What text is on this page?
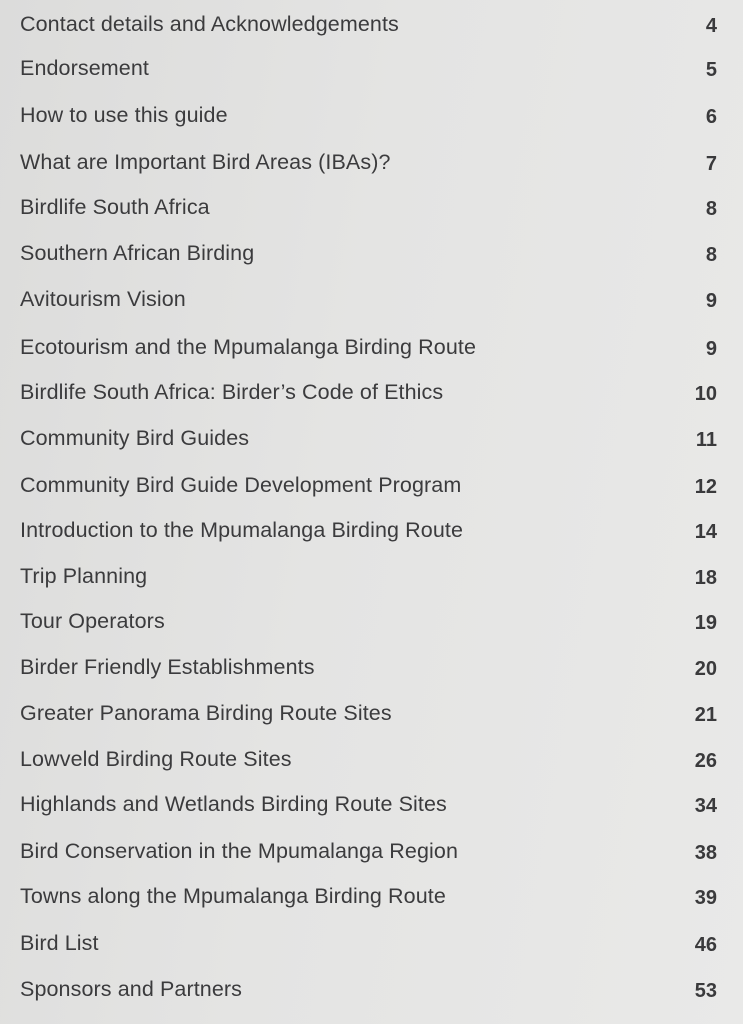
Contact details and Acknowledgements	4
Endorsement	5
How to use this guide	6
What are Important Bird Areas (IBAs)?	7
Birdlife South Africa	8
Southern African Birding	8
Avitourism Vision	9
Ecotourism and the Mpumalanga Birding Route	9
Birdlife South Africa: Birder’s Code of Ethics	10
Community Bird Guides	11
Community Bird Guide Development Program	12
Introduction to the Mpumalanga Birding Route	14
Trip Planning	18
Tour Operators	19
Birder Friendly Establishments	20
Greater Panorama Birding Route Sites	21
Lowveld Birding Route Sites	26
Highlands and Wetlands Birding Route Sites	34
Bird Conservation in the Mpumalanga Region	38
Towns along the Mpumalanga Birding Route	39
Bird List	46
Sponsors and Partners	53
